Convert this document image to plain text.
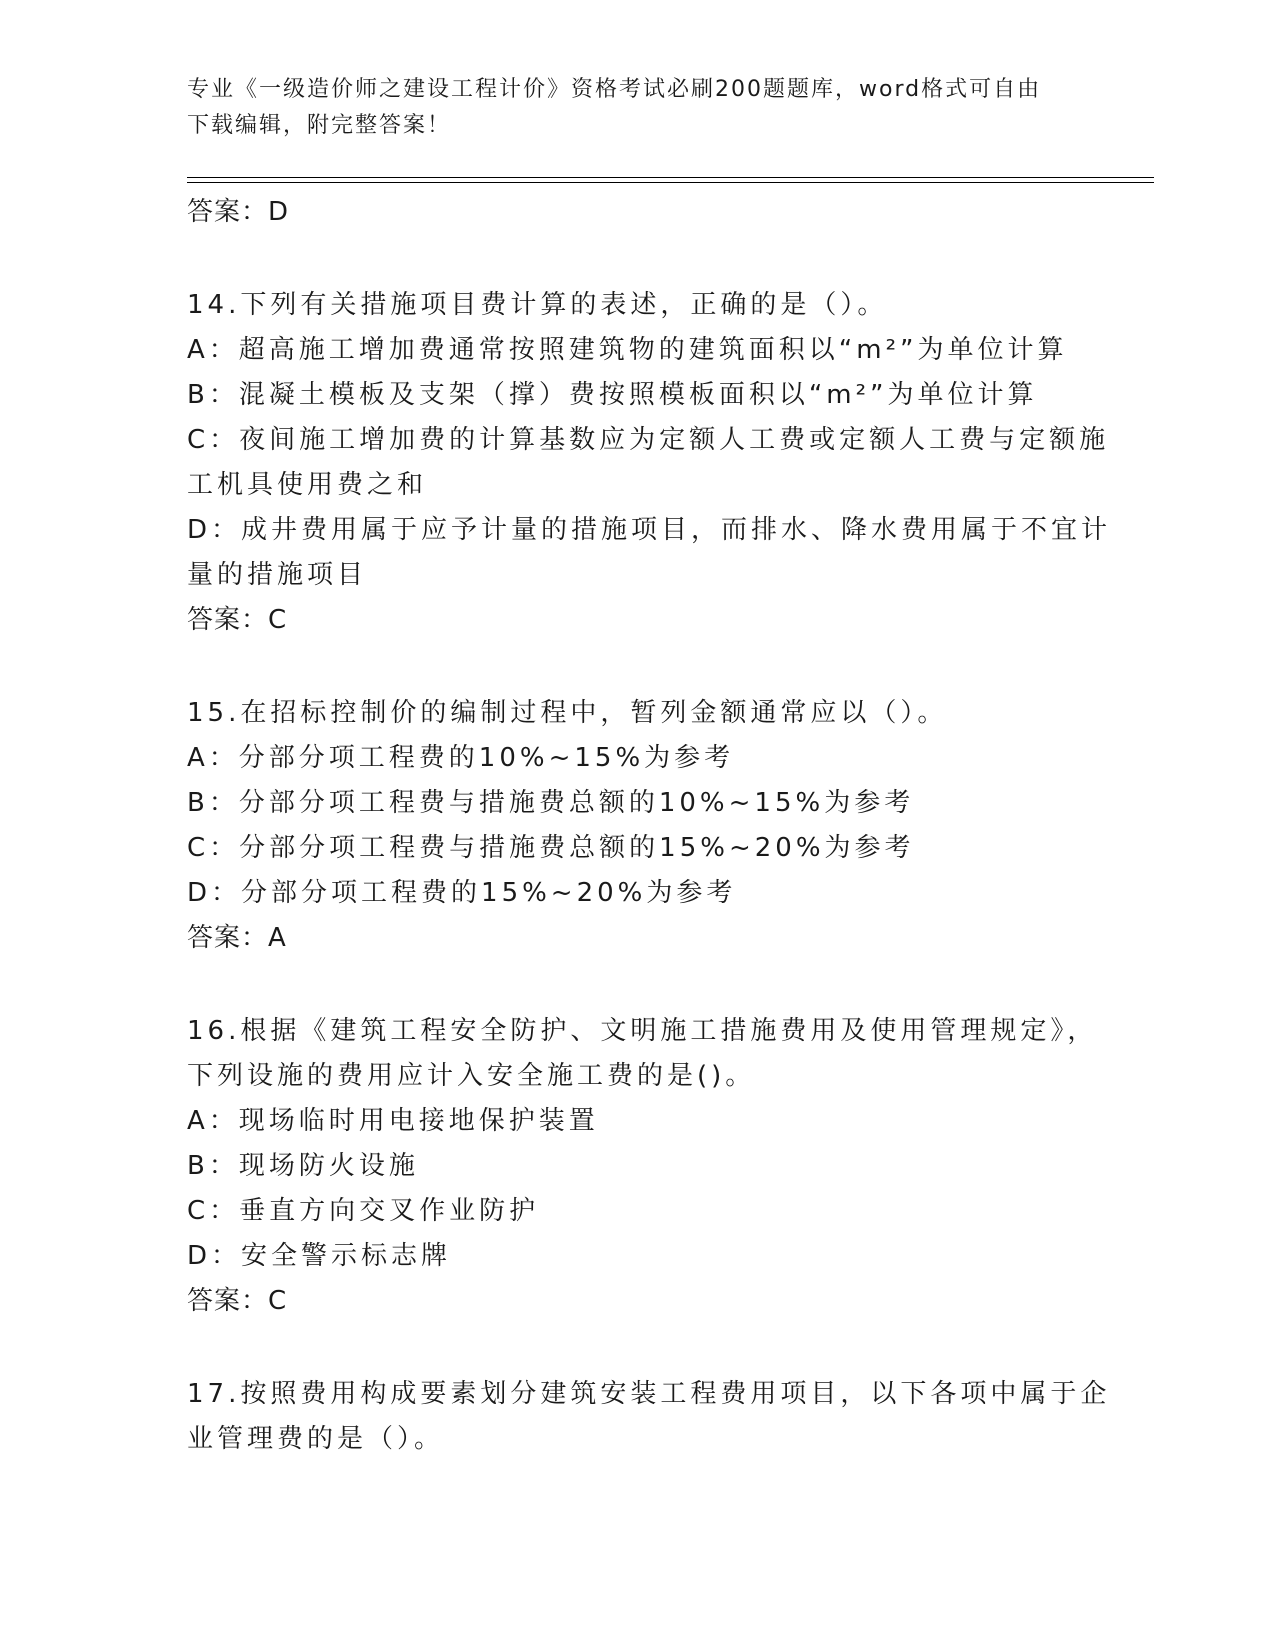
专业《一级造价师之建设工程计价》资格考试必刷200题题库，word格式可自由
下载编辑，附完整答案！
答案：D
14.下列有关措施项目费计算的表述，正确的是（）。
A：超高施工增加费通常按照建筑物的建筑面积以“m²”为单位计算
B：混凝土模板及支架（撑）费按照模板面积以“m²”为单位计算
C：夜间施工增加费的计算基数应为定额人工费或定额人工费与定额施
工机具使用费之和
D：成井费用属于应予计量的措施项目，而排水、降水费用属于不宜计
量的措施项目
答案：C
15.在招标控制价的编制过程中，暂列金额通常应以（）。
A：分部分项工程费的10%~15%为参考
B：分部分项工程费与措施费总额的10%~15%为参考
C：分部分项工程费与措施费总额的15%~20%为参考
D：分部分项工程费的15%~20%为参考
答案：A
16.根据《建筑工程安全防护、文明施工措施费用及使用管理规定》，
下列设施的费用应计入安全施工费的是()。
A：现场临时用电接地保护装置
B：现场防火设施
C：垂直方向交叉作业防护
D：安全警示标志牌
答案：C
17.按照费用构成要素划分建筑安装工程费用项目，以下各项中属于企
业管理费的是（）。
